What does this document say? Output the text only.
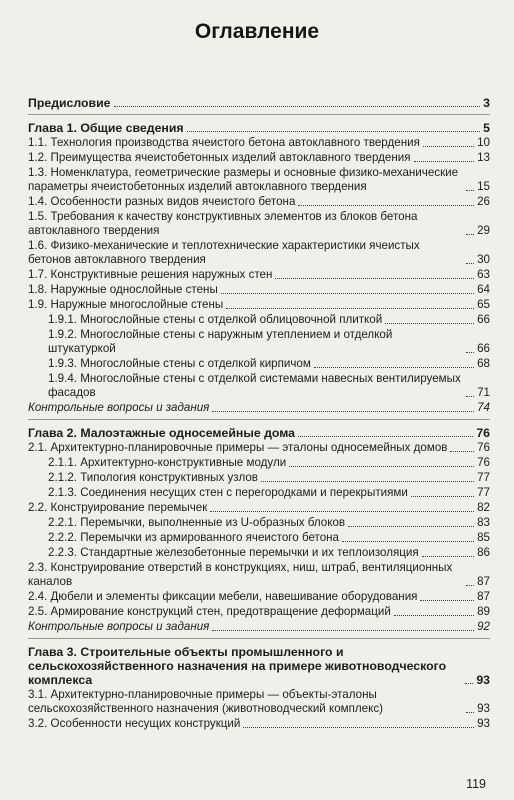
Оглавление
Предисловие	3
Глава 1. Общие сведения	5
1.1. Технология производства ячеистого бетона автоклавного твердения	10
1.2. Преимущества ячеистобетонных изделий автоклавного твердения	13
1.3. Номенклатура, геометрические размеры и основные физико-механические параметры ячеистобетонных изделий автоклавного твердения	15
1.4. Особенности разных видов ячеистого бетона	26
1.5. Требования к качеству конструктивных элементов из блоков бетона автоклавного твердения	29
1.6. Физико-механические и теплотехнические характеристики ячеистых бетонов автоклавного твердения	30
1.7. Конструктивные решения наружных стен	63
1.8. Наружные однослойные стены	64
1.9. Наружные многослойные стены	65
1.9.1. Многослойные стены с отделкой облицовочной плиткой	66
1.9.2. Многослойные стены с наружным утеплением и отделкой штукатуркой	66
1.9.3. Многослойные стены с отделкой кирпичом	68
1.9.4. Многослойные стены с отделкой системами навесных вентилируемых фасадов	71
Контрольные вопросы и задания	74
Глава 2. Малоэтажные односемейные дома	76
2.1. Архитектурно-планировочные примеры — эталоны односемейных домов	76
2.1.1. Архитектурно-конструктивные модули	76
2.1.2. Типология конструктивных узлов	77
2.1.3. Соединения несущих стен с перегородками и перекрытиями	77
2.2. Конструирование перемычек	82
2.2.1. Перемычки, выполненные из U-образных блоков	83
2.2.2. Перемычки из армированного ячеистого бетона	85
2.2.3. Стандартные железобетонные перемычки и их теплоизоляция	86
2.3. Конструирование отверстий в конструкциях, ниш, штраб, вентиляционных каналов	87
2.4. Дюбели и элементы фиксации мебели, навешивание оборудования	87
2.5. Армирование конструкций стен, предотвращение деформаций	89
Контрольные вопросы и задания	92
Глава 3. Строительные объекты промышленного и сельскохозяйственного назначения на примере животноводческого комплекса	93
3.1. Архитектурно-планировочные примеры — объекты-эталоны сельскохозяйственного назначения (животноводческий комплекс)	93
3.2. Особенности несущих конструкций	93
119
